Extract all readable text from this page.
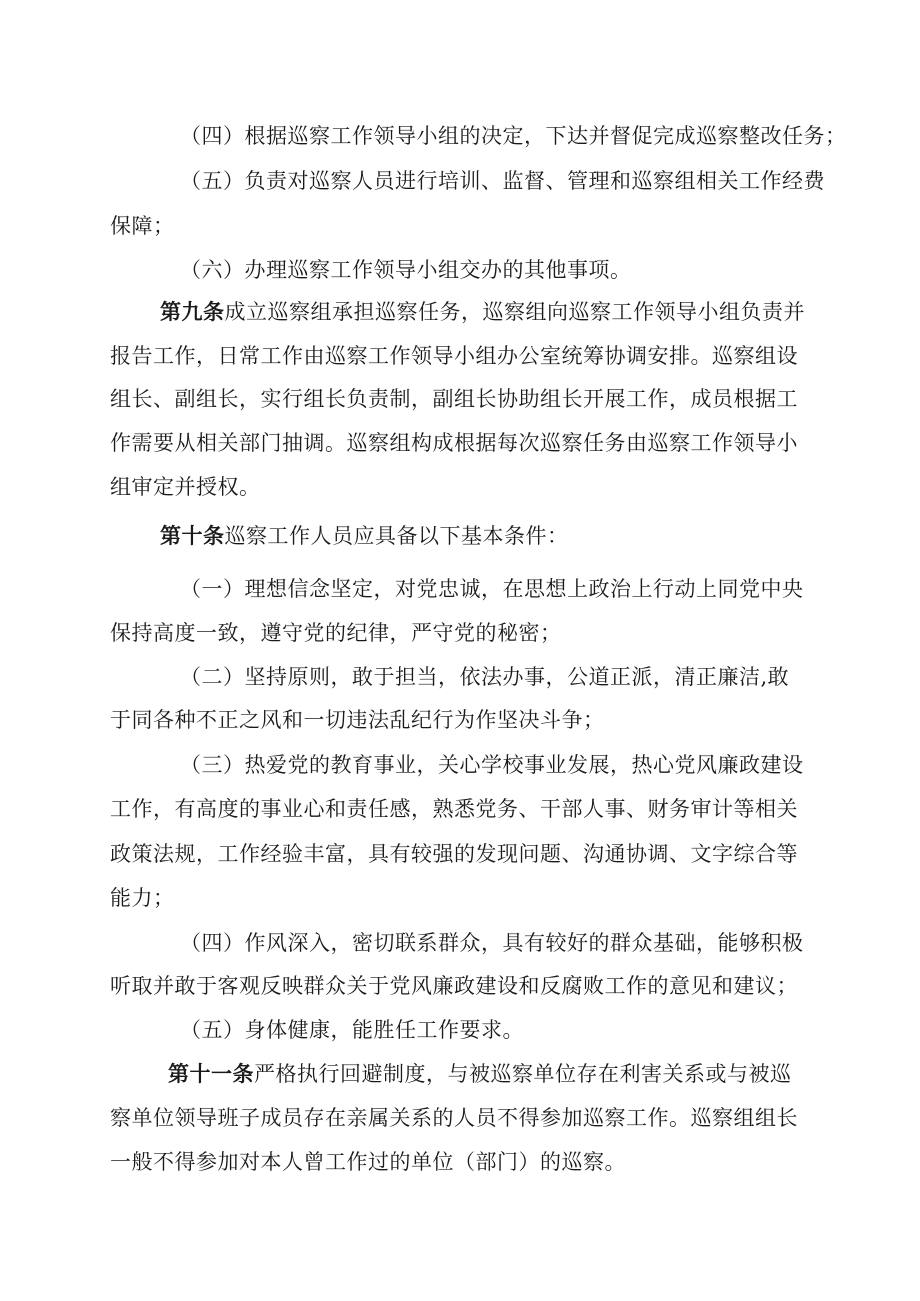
（四）根据巡察工作领导小组的决定，下达并督促完成巡察整改任务；
（五）负责对巡察人员进行培训、监督、管理和巡察组相关工作经费
保障；
（六）办理巡察工作领导小组交办的其他事项。
第九条成立巡察组承担巡察任务，巡察组向巡察工作领导小组负责并
报告工作，日常工作由巡察工作领导小组办公室统筹协调安排。巡察组设
组长、副组长，实行组长负责制，副组长协助组长开展工作，成员根据工
作需要从相关部门抽调。巡察组构成根据每次巡察任务由巡察工作领导小
组审定并授权。
第十条巡察工作人员应具备以下基本条件：
（一）理想信念坚定，对党忠诚，在思想上政治上行动上同党中央
保持高度一致，遵守党的纪律，严守党的秘密；
（二）坚持原则，敢于担当，依法办事，公道正派，清正廉洁,敢
于同各种不正之风和一切违法乱纪行为作坚决斗争；
（三）热爱党的教育事业，关心学校事业发展，热心党风廉政建设
工作，有高度的事业心和责任感，熟悉党务、干部人事、财务审计等相关
政策法规，工作经验丰富，具有较强的发现问题、沟通协调、文字综合等
能力；
（四）作风深入，密切联系群众，具有较好的群众基础，能够积极
听取并敢于客观反映群众关于党风廉政建设和反腐败工作的意见和建议；
（五）身体健康，能胜任工作要求。
第十一条严格执行回避制度，与被巡察单位存在利害关系或与被巡
察单位领导班子成员存在亲属关系的人员不得参加巡察工作。巡察组组长
一般不得参加对本人曾工作过的单位（部门）的巡察。
